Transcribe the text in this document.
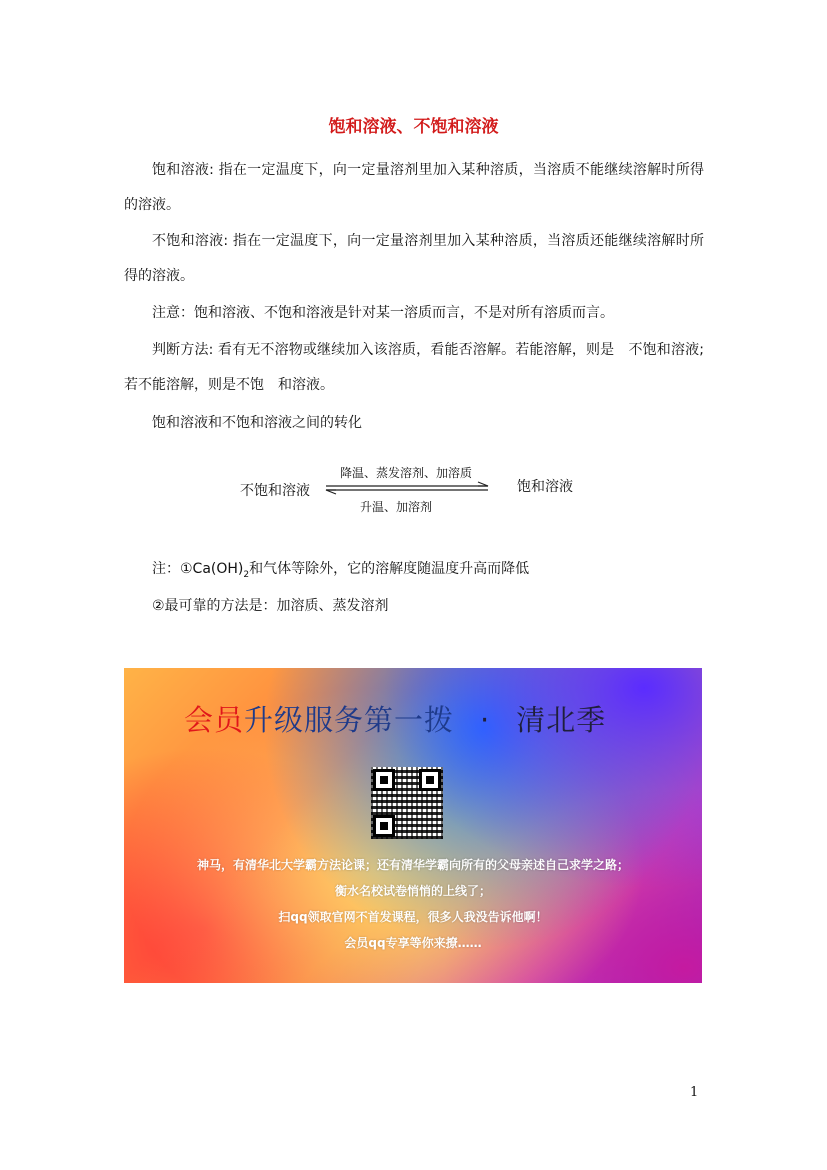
饱和溶液、不饱和溶液

饱和溶液: 指在一定温度下，向一定量溶剂里加入某种溶质，当溶质不能继续溶解时所得的溶液。

不饱和溶液: 指在一定温度下，向一定量溶剂里加入某种溶质，当溶质还能继续溶解时所得的溶液。

注意：饱和溶液、不饱和溶液是针对某一溶质而言，不是对所有溶质而言。

判断方法: 看有无不溶物或继续加入该溶质，看能否溶解。若能溶解，则是　不饱和溶液;若不能溶解，则是不饱　和溶液。

饱和溶液和不饱和溶液之间的转化

不饱和溶液	饱和溶液
降温、蒸发溶剂、加溶质
升温、加溶剂

注：$①Ca(OH)_2$和气体等除外，它的溶解度随温度升高而降低

②最可靠的方法是：加溶质、蒸发溶剂

会员升级服务第一拨 · 清北季
神马，有清华北大学霸方法论课；还有清华学霸向所有的父母亲述自己求学之路；
衡水名校试卷悄悄的上线了；
扫qq领取官网不首发课程，很多人我没告诉他啊！
会员qq专享等你来撩……
1
